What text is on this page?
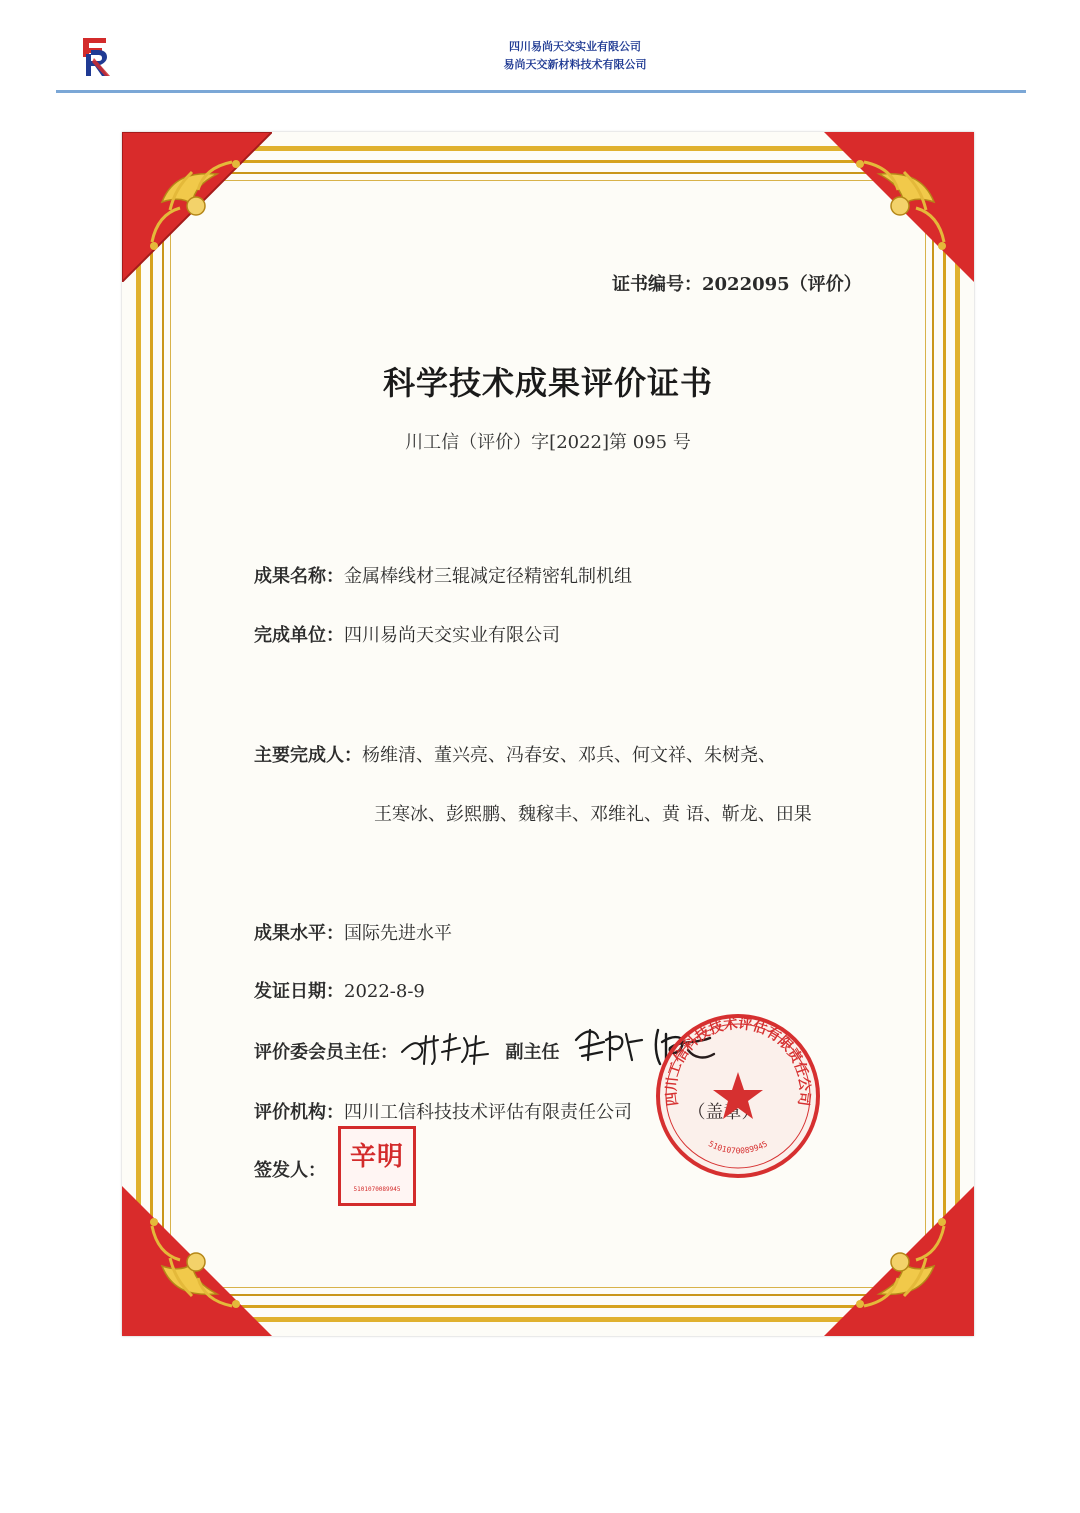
四川易尚天交实业有限公司
易尚天交新材料技术有限公司
证书编号：2022095（评价）
科学技术成果评价证书
川工信（评价）字[2022]第 095 号
成果名称：金属棒线材三辊减定径精密轧制机组
完成单位：四川易尚天交实业有限公司
主要完成人：杨维清、董兴亮、冯春安、邓兵、何文祥、朱树尧、
王寒冰、彭熙鹏、魏稼丰、邓维礼、黄 语、靳龙、田果
成果水平：国际先进水平
发证日期：2022-8-9
评价委会员主任：	副主任
评价机构：四川工信科技技术评估有限责任公司
签发人：
四川工信科技技术评估有限责任公司
5101070089945
辛明
5101070089945
